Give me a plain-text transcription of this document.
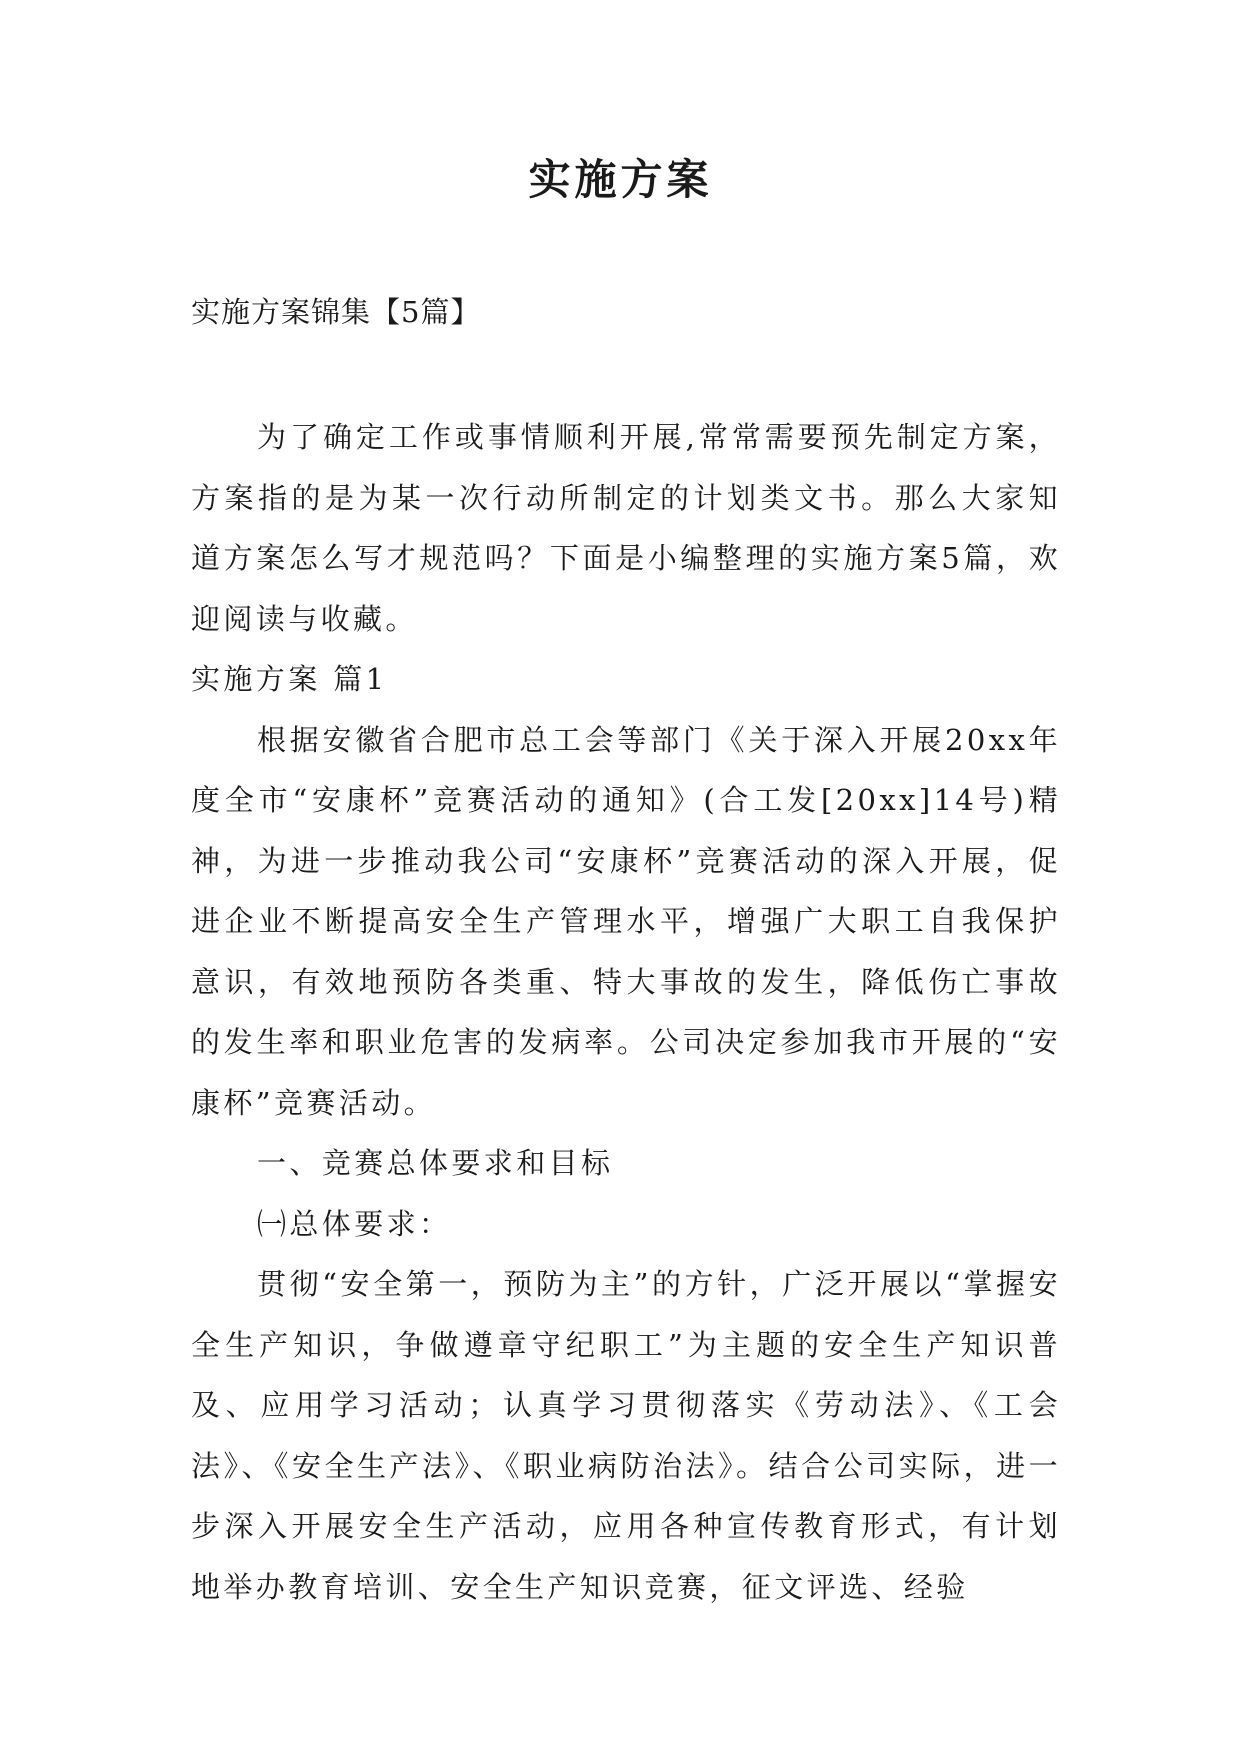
实施方案
实施方案锦集【5篇】

为了确定工作或事情顺利开展,常常需要预先制定方案，方案指的是为某一次行动所制定的计划类文书。那么大家知道方案怎么写才规范吗？下面是小编整理的实施方案5篇，欢迎阅读与收藏。

实施方案 篇1

根据安徽省合肥市总工会等部门《关于深入开展20xx年度全市“安康杯”竞赛活动的通知》(合工发[20xx]14号)精神，为进一步推动我公司“安康杯”竞赛活动的深入开展，促进企业不断提高安全生产管理水平，增强广大职工自我保护意识，有效地预防各类重、特大事故的发生，降低伤亡事故的发生率和职业危害的发病率。公司决定参加我市开展的“安康杯”竞赛活动。

一、竞赛总体要求和目标

㈠总体要求：

贯彻“安全第一，预防为主”的方针，广泛开展以“掌握安全生产知识，争做遵章守纪职工”为主题的安全生产知识普及、应用学习活动；认真学习贯彻落实《劳动法》、《工会法》、《安全生产法》、《职业病防治法》。结合公司实际，进一步深入开展安全生产活动，应用各种宣传教育形式，有计划地举办教育培训、安全生产知识竞赛，征文评选、经验
